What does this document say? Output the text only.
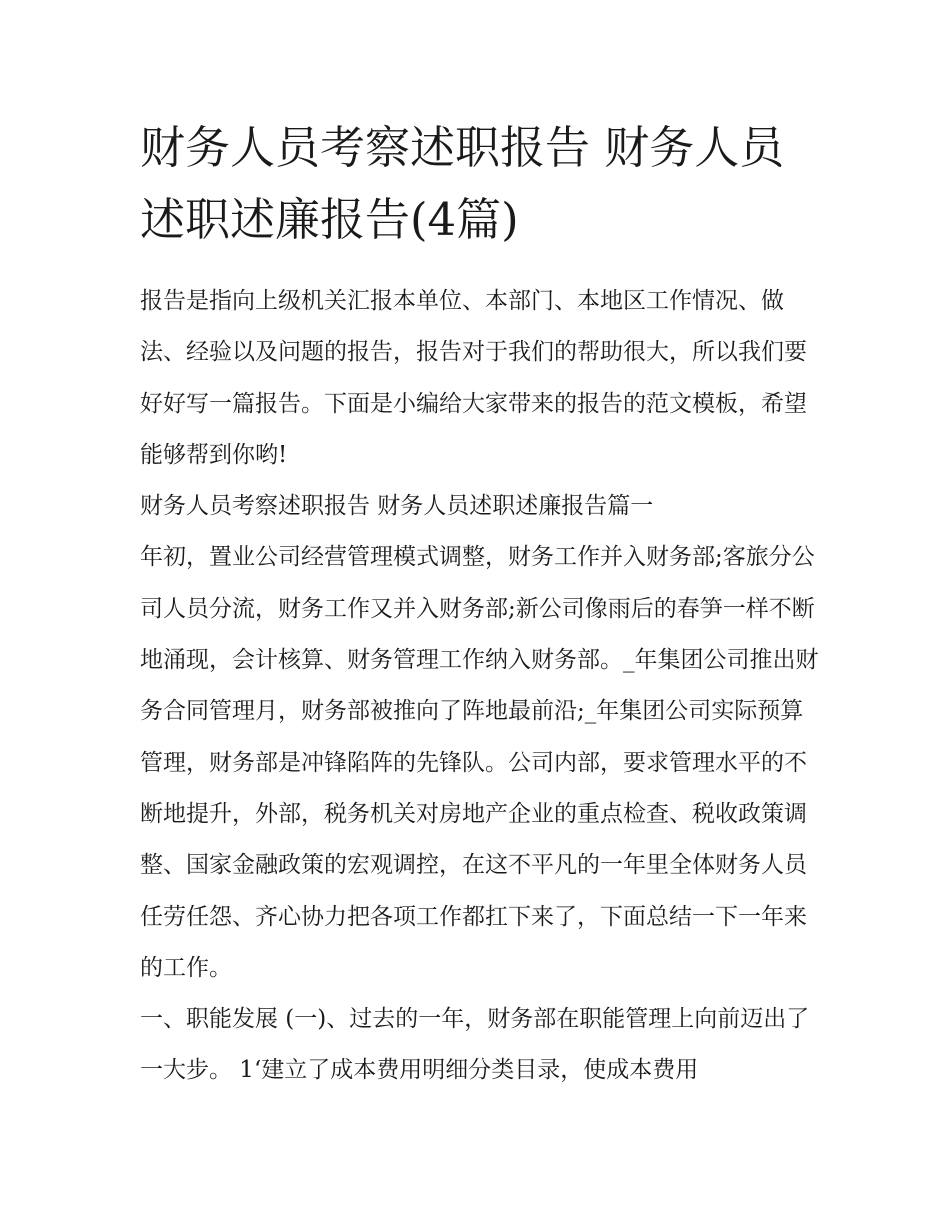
财务人员考察述职报告 财务人员述职述廉报告(4篇)

报告是指向上级机关汇报本单位、本部门、本地区工作情况、做法、经验以及问题的报告，报告对于我们的帮助很大，所以我们要好好写一篇报告。下面是小编给大家带来的报告的范文模板，希望能够帮到你哟!

财务人员考察述职报告 财务人员述职述廉报告篇一

年初，置业公司经营管理模式调整，财务工作并入财务部;客旅分公司人员分流，财务工作又并入财务部;新公司像雨后的春笋一样不断地涌现，会计核算、财务管理工作纳入财务部。_年集团公司推出财务合同管理月，财务部被推向了阵地最前沿;_年集团公司实际预算管理，财务部是冲锋陷阵的先锋队。公司内部，要求管理水平的不断地提升，外部，税务机关对房地产企业的重点检查、税收政策调整、国家金融政策的宏观调控，在这不平凡的一年里全体财务人员任劳任怨、齐心协力把各项工作都扛下来了，下面总结一下一年来的工作。

一、职能发展 (一)、过去的一年，财务部在职能管理上向前迈出了一大步。 1‘建立了成本费用明细分类目录，使成本费用
